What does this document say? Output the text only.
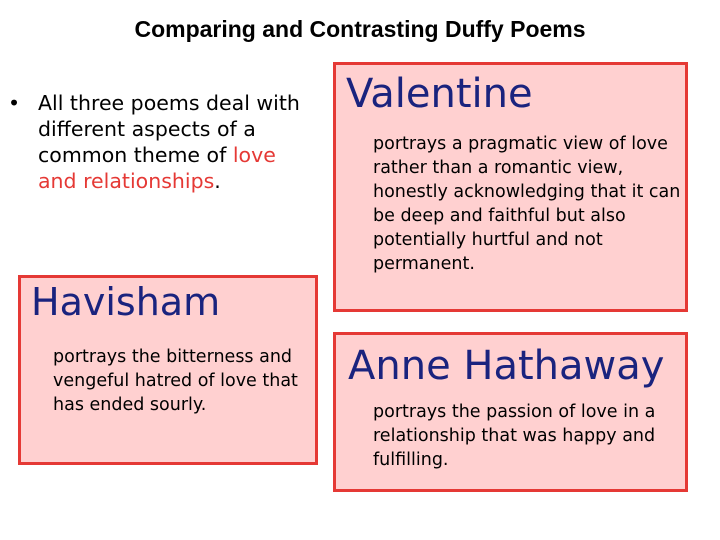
Comparing and Contrasting Duffy Poems
• All three poems deal with different aspects of a common theme of love and relationships.
Havisham
portrays the bitterness and vengeful hatred of love that has ended sourly.
Valentine
portrays a pragmatic view of love rather than a romantic view, honestly acknowledging that it can be deep and faithful but also potentially hurtful and not permanent.
Anne Hathaway
portrays the passion of love in a relationship that was happy and fulfilling.
